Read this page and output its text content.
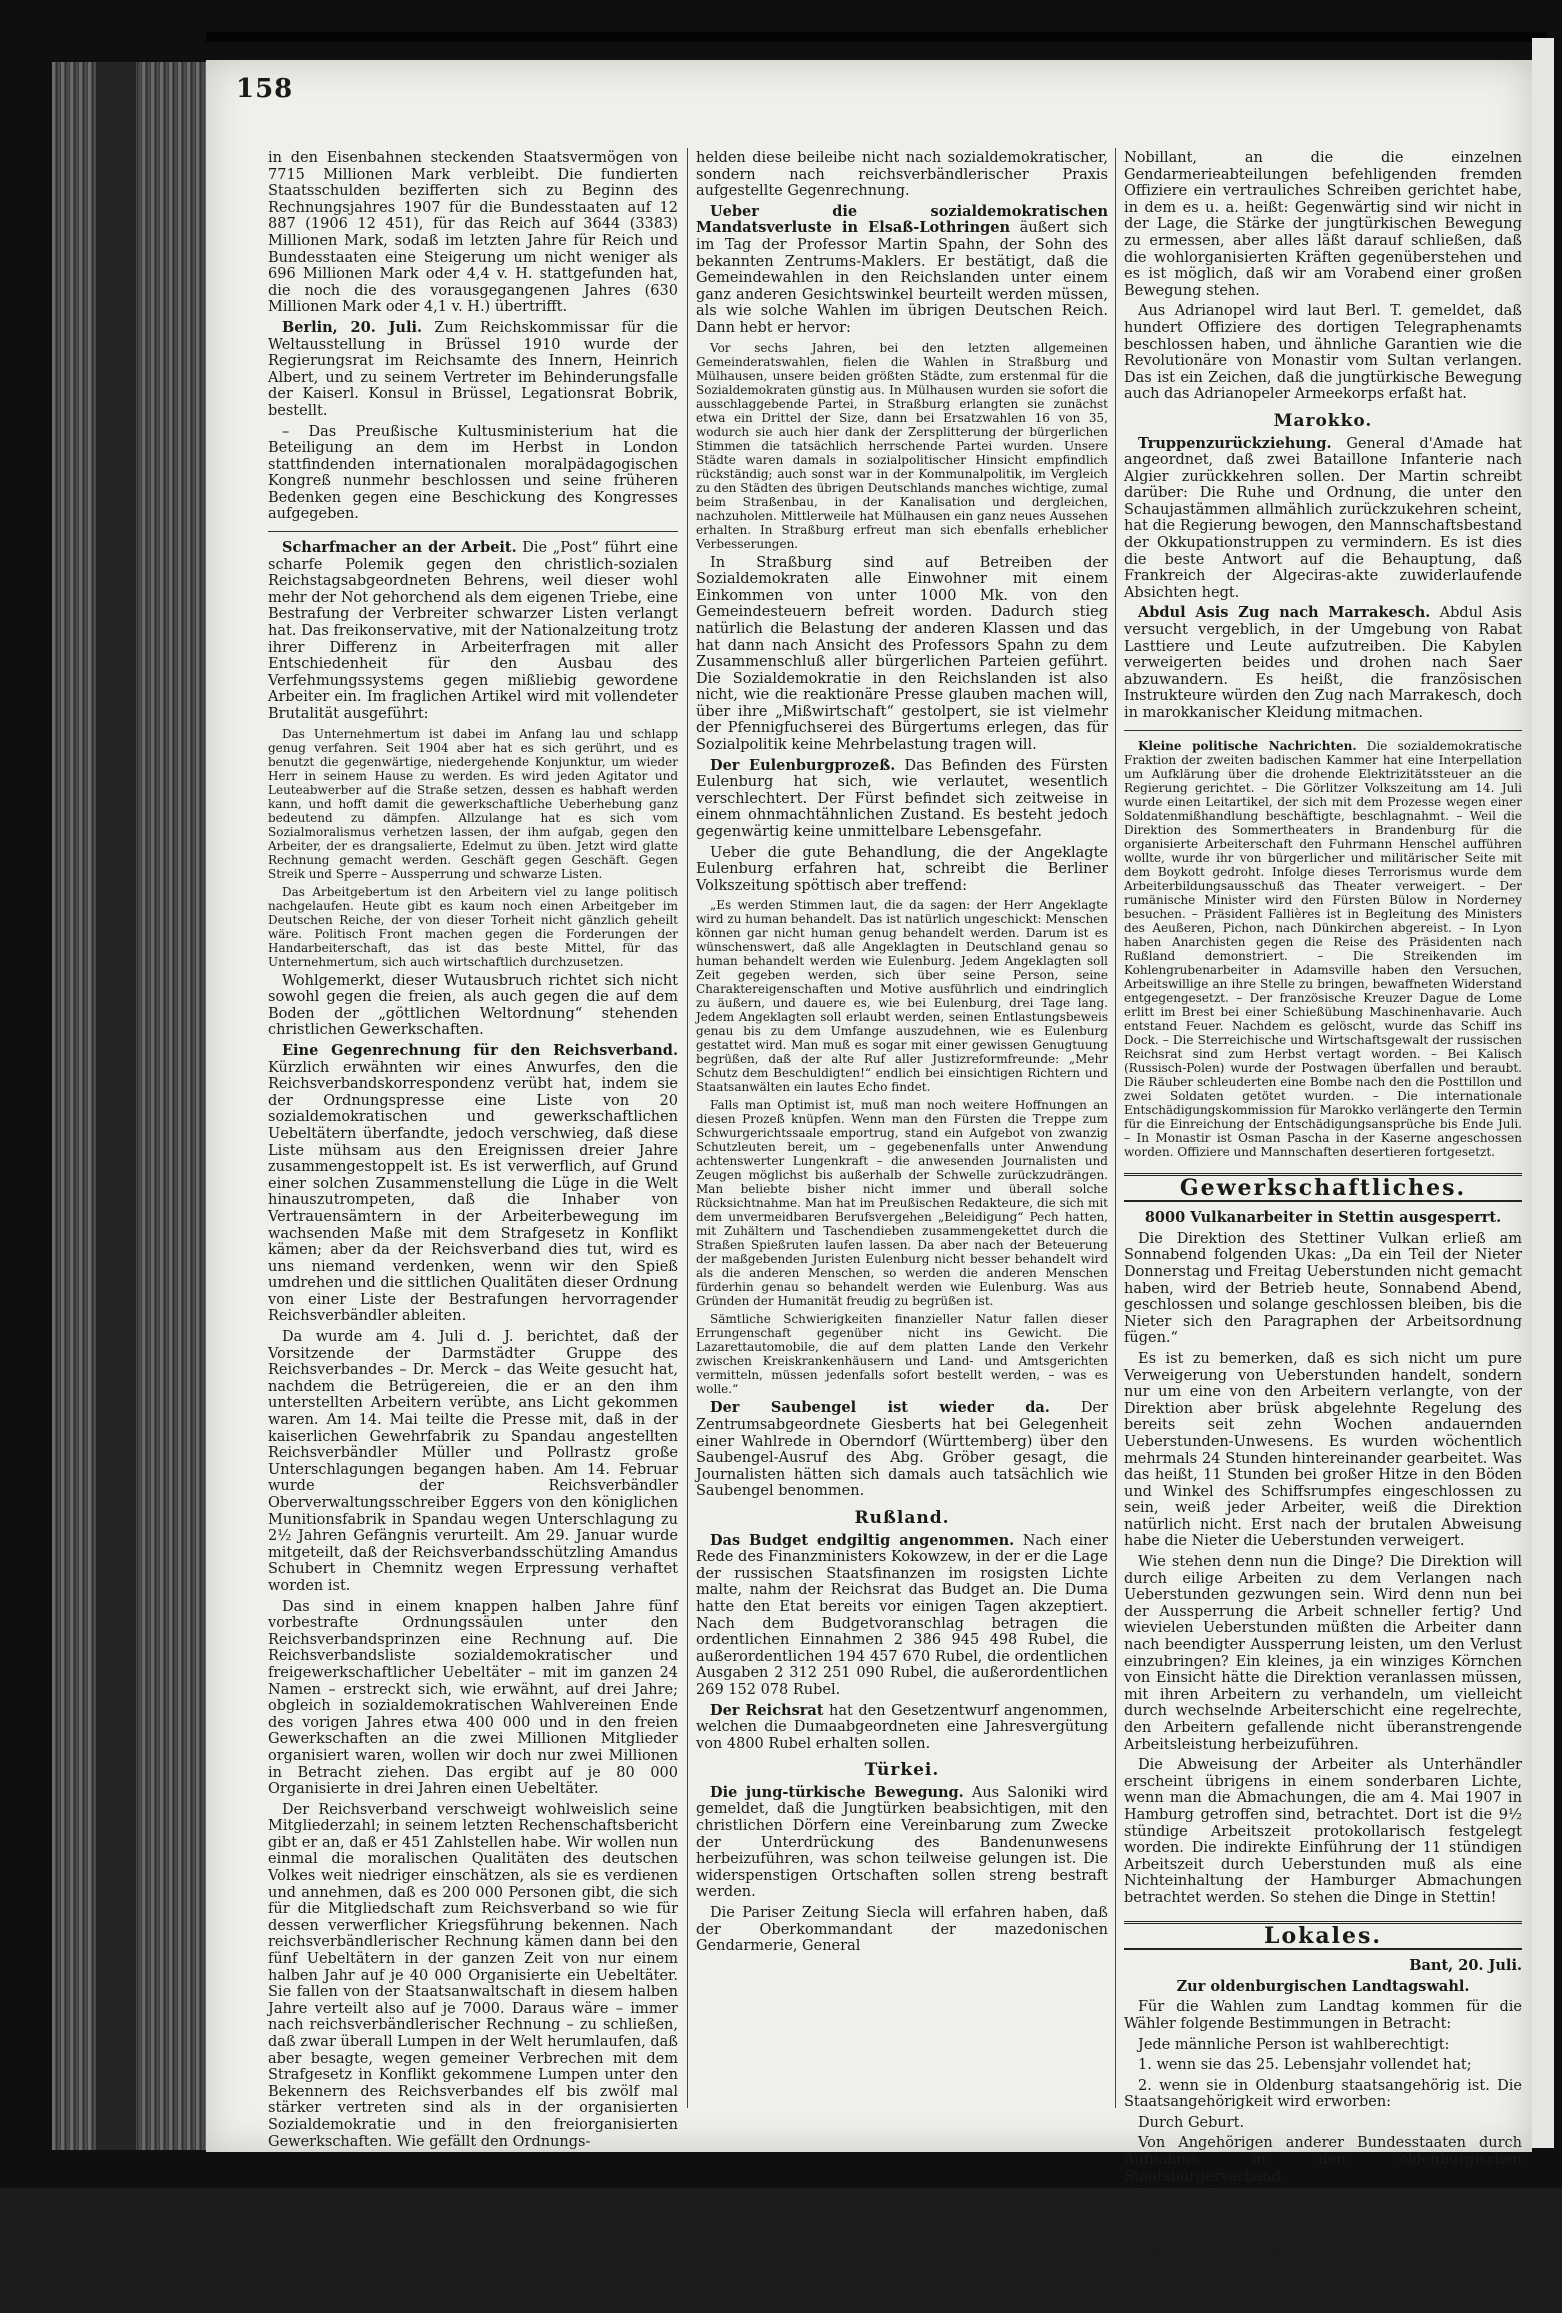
158

in den Eisenbahnen steckenden Staatsvermögen von 7715 Millionen Mark verbleibt. Die fundierten Staatsschulden bezifferten sich zu Beginn des Rechnungsjahres 1907 für die Bundesstaaten auf 12 887 (1906 12 451), für das Reich auf 3644 (3383) Millionen Mark, sodaß im letzten Jahre für Reich und Bundesstaaten eine Steigerung um nicht weniger als 696 Millionen Mark oder 4,4 v. H. stattgefunden hat, die noch die des vorausgegangenen Jahres (630 Millionen Mark oder 4,1 v. H.) übertrifft.

Berlin, 20. Juli. Zum Reichskommissar für die Weltausstellung in Brüssel 1910 wurde der Regierungsrat im Reichsamte des Innern, Heinrich Albert, und zu seinem Vertreter im Behinderungsfalle der Kaiserl. Konsul in Brüssel, Legationsrat Bobrik, bestellt.

– Das Preußische Kultusministerium hat die Beteiligung an dem im Herbst in London stattfindenden internationalen moralpädagogischen Kongreß nunmehr beschlossen und seine früheren Bedenken gegen eine Beschickung des Kongresses aufgegeben.

Scharfmacher an der Arbeit. Die „Post“ führt eine scharfe Polemik gegen den christlich-sozialen Reichstagsabgeordneten Behrens, weil dieser wohl mehr der Not gehorchend als dem eigenen Triebe, eine Bestrafung der Verbreiter schwarzer Listen verlangt hat. Das freikonservative, mit der Nationalzeitung trotz ihrer Differenz in Arbeiterfragen mit aller Entschiedenheit für den Ausbau des Verfehmungssystems gegen mißliebig gewordene Arbeiter ein. Im fraglichen Artikel wird mit vollendeter Brutalität ausgeführt:

Das Unternehmertum ist dabei im Anfang lau und schlapp genug verfahren. Seit 1904 aber hat es sich gerührt, und es benutzt die gegenwärtige, niedergehende Konjunktur, um wieder Herr in seinem Hause zu werden. Es wird jeden Agitator und Leuteabwerber auf die Straße setzen, dessen es habhaft werden kann, und hofft damit die gewerkschaftliche Ueberhebung ganz bedeutend zu dämpfen. Allzulange hat es sich vom Sozialmoralismus verhetzen lassen, der ihm aufgab, gegen den Arbeiter, der es drangsalierte, Edelmut zu üben. Jetzt wird glatte Rechnung gemacht werden. Geschäft gegen Geschäft. Gegen Streik und Sperre – Aussperrung und schwarze Listen.

Das Arbeitgebertum ist den Arbeitern viel zu lange politisch nachgelaufen. Heute gibt es kaum noch einen Arbeitgeber im Deutschen Reiche, der von dieser Torheit nicht gänzlich geheilt wäre. Politisch Front machen gegen die Forderungen der Handarbeiterschaft, das ist das beste Mittel, für das Unternehmertum, sich auch wirtschaftlich durchzusetzen.

Wohlgemerkt, dieser Wutausbruch richtet sich nicht sowohl gegen die freien, als auch gegen die auf dem Boden der „göttlichen Weltordnung“ stehenden christlichen Gewerkschaften.

Eine Gegenrechnung für den Reichsverband. Kürzlich erwähnten wir eines Anwurfes, den die Reichsverbandskorrespondenz verübt hat, indem sie der Ordnungspresse eine Liste von 20 sozialdemokratischen und gewerkschaftlichen Uebeltätern überfandte, jedoch verschwieg, daß diese Liste mühsam aus den Ereignissen dreier Jahre zusammengestoppelt ist. Es ist verwerflich, auf Grund einer solchen Zusammenstellung die Lüge in die Welt hinauszutrompeten, daß die Inhaber von Vertrauensämtern in der Arbeiterbewegung im wachsenden Maße mit dem Strafgesetz in Konflikt kämen; aber da der Reichsverband dies tut, wird es uns niemand verdenken, wenn wir den Spieß umdrehen und die sittlichen Qualitäten dieser Ordnung von einer Liste der Bestrafungen hervorragender Reichsverbändler ableiten.

Da wurde am 4. Juli d. J. berichtet, daß der Vorsitzende der Darmstädter Gruppe des Reichsverbandes – Dr. Merck – das Weite gesucht hat, nachdem die Betrügereien, die er an den ihm unterstellten Arbeitern verübte, ans Licht gekommen waren. Am 14. Mai teilte die Presse mit, daß in der kaiserlichen Gewehrfabrik zu Spandau angestellten Reichsverbändler Müller und Pollrastz große Unterschlagungen begangen haben. Am 14. Februar wurde der Reichsverbändler Oberverwaltungsschreiber Eggers von den königlichen Munitionsfabrik in Spandau wegen Unterschlagung zu 2½ Jahren Gefängnis verurteilt. Am 29. Januar wurde mitgeteilt, daß der Reichsverbandsschützling Amandus Schubert in Chemnitz wegen Erpressung verhaftet worden ist.

Das sind in einem knappen halben Jahre fünf vorbestrafte Ordnungssäulen unter den Reichsverbandsprinzen eine Rechnung auf. Die Reichsverbandsliste sozialdemokratischer und freigewerkschaftlicher Uebeltäter – mit im ganzen 24 Namen – erstreckt sich, wie erwähnt, auf drei Jahre; obgleich in sozialdemokratischen Wahlvereinen Ende des vorigen Jahres etwa 400 000 und in den freien Gewerkschaften an die zwei Millionen Mitglieder organisiert waren, wollen wir doch nur zwei Millionen in Betracht ziehen. Das ergibt auf je 80 000 Organisierte in drei Jahren einen Uebeltäter.

Der Reichsverband verschweigt wohlweislich seine Mitgliederzahl; in seinem letzten Rechenschaftsbericht gibt er an, daß er 451 Zahlstellen habe. Wir wollen nun einmal die moralischen Qualitäten des deutschen Volkes weit niedriger einschätzen, als sie es verdienen und annehmen, daß es 200 000 Personen gibt, die sich für die Mitgliedschaft zum Reichsverband so wie für dessen verwerflicher Kriegsführung bekennen. Nach reichsverbändlerischer Rechnung kämen dann bei den fünf Uebeltätern in der ganzen Zeit von nur einem halben Jahr auf je 40 000 Organisierte ein Uebeltäter. Sie fallen von der Staatsanwaltschaft in diesem halben Jahre verteilt also auf je 7000. Daraus wäre – immer nach reichsverbändlerischer Rechnung – zu schließen, daß zwar überall Lumpen in der Welt herumlaufen, daß aber besagte, wegen gemeiner Verbrechen mit dem Strafgesetz in Konflikt gekommene Lumpen unter den Bekennern des Reichsverbandes elf bis zwölf mal stärker vertreten sind als in der organisierten Sozialdemokratie und in den freiorganisierten Gewerkschaften. Wie gefällt den Ordnungs-

helden diese beileibe nicht nach sozialdemokratischer, sondern nach reichsverbändlerischer Praxis aufgestellte Gegenrechnung.

Ueber die sozialdemokratischen Mandatsverluste in Elsaß-Lothringen äußert sich im Tag der Professor Martin Spahn, der Sohn des bekannten Zentrums-Maklers. Er bestätigt, daß die Gemeindewahlen in den Reichslanden unter einem ganz anderen Gesichtswinkel beurteilt werden müssen, als wie solche Wahlen im übrigen Deutschen Reich. Dann hebt er hervor:

Vor sechs Jahren, bei den letzten allgemeinen Gemeinderatswahlen, fielen die Wahlen in Straßburg und Mülhausen, unsere beiden größten Städte, zum erstenmal für die Sozialdemokraten günstig aus. In Mülhausen wurden sie sofort die ausschlaggebende Partei, in Straßburg erlangten sie zunächst etwa ein Drittel der Size, dann bei Ersatzwahlen 16 von 35, wodurch sie auch hier dank der Zersplitterung der bürgerlichen Stimmen die tatsächlich herrschende Partei wurden. Unsere Städte waren damals in sozialpolitischer Hinsicht empfindlich rückständig; auch sonst war in der Kommunalpolitik, im Vergleich zu den Städten des übrigen Deutschlands manches wichtige, zumal beim Straßenbau, in der Kanalisation und dergleichen, nachzuholen. Mittlerweile hat Mülhausen ein ganz neues Aussehen erhalten. In Straßburg erfreut man sich ebenfalls erheblicher Verbesserungen.

In Straßburg sind auf Betreiben der Sozialdemokraten alle Einwohner mit einem Einkommen von unter 1000 Mk. von den Gemeindesteuern befreit worden. Dadurch stieg natürlich die Belastung der anderen Klassen und das hat dann nach Ansicht des Professors Spahn zu dem Zusammenschluß aller bürgerlichen Parteien geführt. Die Sozialdemokratie in den Reichslanden ist also nicht, wie die reaktionäre Presse glauben machen will, über ihre „Mißwirtschaft“ gestolpert, sie ist vielmehr der Pfennigfuchserei des Bürgertums erlegen, das für Sozialpolitik keine Mehrbelastung tragen will.

Der Eulenburgprozeß. Das Befinden des Fürsten Eulenburg hat sich, wie verlautet, wesentlich verschlechtert. Der Fürst befindet sich zeitweise in einem ohnmachtähnlichen Zustand. Es besteht jedoch gegenwärtig keine unmittelbare Lebensgefahr.

Ueber die gute Behandlung, die der Angeklagte Eulenburg erfahren hat, schreibt die Berliner Volkszeitung spöttisch aber treffend:

„Es werden Stimmen laut, die da sagen: der Herr Angeklagte wird zu human behandelt. Das ist natürlich ungeschickt: Menschen können gar nicht human genug behandelt werden. Darum ist es wünschenswert, daß alle Angeklagten in Deutschland genau so human behandelt werden wie Eulenburg. Jedem Angeklagten soll Zeit gegeben werden, sich über seine Person, seine Charaktereigenschaften und Motive ausführlich und eindringlich zu äußern, und dauere es, wie bei Eulenburg, drei Tage lang. Jedem Angeklagten soll erlaubt werden, seinen Entlastungsbeweis genau bis zu dem Umfange auszudehnen, wie es Eulenburg gestattet wird. Man muß es sogar mit einer gewissen Genugtuung begrüßen, daß der alte Ruf aller Justizreformfreunde: „Mehr Schutz dem Beschuldigten!“ endlich bei einsichtigen Richtern und Staatsanwälten ein lautes Echo findet.

Falls man Optimist ist, muß man noch weitere Hoffnungen an diesen Prozeß knüpfen. Wenn man den Fürsten die Treppe zum Schwurgerichtssaale emportrug, stand ein Aufgebot von zwanzig Schutzleuten bereit, um – gegebenenfalls unter Anwendung achtenswerter Lungenkraft – die anwesenden Journalisten und Zeugen möglichst bis außerhalb der Schwelle zurückzudrängen. Man beliebte bisher nicht immer und überall solche Rücksichtnahme. Man hat im Preußischen Redakteure, die sich mit dem unvermeidbaren Berufsvergehen „Beleidigung“ Pech hatten, mit Zuhältern und Taschendieben zusammengekettet durch die Straßen Spießruten laufen lassen. Da aber nach der Beteuerung der maßgebenden Juristen Eulenburg nicht besser behandelt wird als die anderen Menschen, so werden die anderen Menschen fürderhin genau so behandelt werden wie Eulenburg. Was aus Gründen der Humanität freudig zu begrüßen ist.

Sämtliche Schwierigkeiten finanzieller Natur fallen dieser Errungenschaft gegenüber nicht ins Gewicht. Die Lazarettautomobile, die auf dem platten Lande den Verkehr zwischen Kreiskrankenhäusern und Land- und Amtsgerichten vermitteln, müssen jedenfalls sofort bestellt werden, – was es wolle.“

Der Saubengel ist wieder da. Der Zentrumsabgeordnete Giesberts hat bei Gelegenheit einer Wahlrede in Oberndorf (Württemberg) über den Saubengel-Ausruf des Abg. Gröber gesagt, die Journalisten hätten sich damals auch tatsächlich wie Saubengel benommen.

Rußland.

Das Budget endgiltig angenommen. Nach einer Rede des Finanzministers Kokowzew, in der er die Lage der russischen Staatsfinanzen im rosigsten Lichte malte, nahm der Reichsrat das Budget an. Die Duma hatte den Etat bereits vor einigen Tagen akzeptiert. Nach dem Budgetvoranschlag betragen die ordentlichen Einnahmen 2 386 945 498 Rubel, die außerordentlichen 194 457 670 Rubel, die ordentlichen Ausgaben 2 312 251 090 Rubel, die außerordentlichen 269 152 078 Rubel.

Der Reichsrat hat den Gesetzentwurf angenommen, welchen die Dumaabgeordneten eine Jahresvergütung von 4800 Rubel erhalten sollen.

Türkei.

Die jung-türkische Bewegung. Aus Saloniki wird gemeldet, daß die Jungtürken beabsichtigen, mit den christlichen Dörfern eine Vereinbarung zum Zwecke der Unterdrückung des Bandenunwesens herbeizuführen, was schon teilweise gelungen ist. Die widerspenstigen Ortschaften sollen streng bestraft werden.

Die Pariser Zeitung Siecla will erfahren haben, daß der Oberkommandant der mazedonischen Gendarmerie, General

Nobillant, an die die einzelnen Gendarmerieabteilungen befehligenden fremden Offiziere ein vertrauliches Schreiben gerichtet habe, in dem es u. a. heißt: Gegenwärtig sind wir nicht in der Lage, die Stärke der jungtürkischen Bewegung zu ermessen, aber alles läßt darauf schließen, daß die wohlorganisierten Kräften gegenüberstehen und es ist möglich, daß wir am Vorabend einer großen Bewegung stehen.

Aus Adrianopel wird laut Berl. T. gemeldet, daß hundert Offiziere des dortigen Telegraphenamts beschlossen haben, und ähnliche Garantien wie die Revolutionäre von Monastir vom Sultan verlangen. Das ist ein Zeichen, daß die jungtürkische Bewegung auch das Adrianopeler Armeekorps erfaßt hat.

Marokko.

Truppenzurückziehung. General d'Amade hat angeordnet, daß zwei Bataillone Infanterie nach Algier zurückkehren sollen. Der Martin schreibt darüber: Die Ruhe und Ordnung, die unter den Schaujastämmen allmählich zurückzukehren scheint, hat die Regierung bewogen, den Mannschaftsbestand der Okkupationstruppen zu vermindern. Es ist dies die beste Antwort auf die Behauptung, daß Frankreich der Algeciras-akte zuwiderlaufende Absichten hegt.

Abdul Asis Zug nach Marrakesch. Abdul Asis versucht vergeblich, in der Umgebung von Rabat Lasttiere und Leute aufzutreiben. Die Kabylen verweigerten beides und drohen nach Saer abzuwandern. Es heißt, die französischen Instrukteure würden den Zug nach Marrakesch, doch in marokkanischer Kleidung mitmachen.

Kleine politische Nachrichten. Die sozialdemokratische Fraktion der zweiten badischen Kammer hat eine Interpellation um Aufklärung über die drohende Elektrizitätssteuer an die Regierung gerichtet. – Die Görlitzer Volkszeitung am 14. Juli wurde einen Leitartikel, der sich mit dem Prozesse wegen einer Soldatenmißhandlung beschäftigte, beschlagnahmt. – Weil die Direktion des Sommertheaters in Brandenburg für die organisierte Arbeiterschaft den Fuhrmann Henschel aufführen wollte, wurde ihr von bürgerlicher und militärischer Seite mit dem Boykott gedroht. Infolge dieses Terrorismus wurde dem Arbeiterbildungsausschuß das Theater verweigert. – Der rumänische Minister wird den Fürsten Bülow in Norderney besuchen. – Präsident Fallières ist in Begleitung des Ministers des Aeußeren, Pichon, nach Dünkirchen abgereist. – In Lyon haben Anarchisten gegen die Reise des Präsidenten nach Rußland demonstriert. – Die Streikenden im Kohlengrubenarbeiter in Adamsville haben den Versuchen, Arbeitswillige an ihre Stelle zu bringen, bewaffneten Widerstand entgegengesetzt. – Der französische Kreuzer Dague de Lome erlitt im Brest bei einer Schießübung Maschinenhavarie. Auch entstand Feuer. Nachdem es gelöscht, wurde das Schiff ins Dock. – Die Sterreichische und Wirtschaftsgewalt der russischen Reichsrat sind zum Herbst vertagt worden. – Bei Kalisch (Russisch-Polen) wurde der Postwagen überfallen und beraubt. Die Räuber schleuderten eine Bombe nach den die Posttillon und zwei Soldaten getötet wurden. – Die internationale Entschädigungskommission für Marokko verlängerte den Termin für die Einreichung der Entschädigungsansprüche bis Ende Juli. – In Monastir ist Osman Pascha in der Kaserne angeschossen worden. Offiziere und Mannschaften desertieren fortgesetzt.

Gewerkschaftliches.

8000 Vulkanarbeiter in Stettin ausgesperrt.

Die Direktion des Stettiner Vulkan erließ am Sonnabend folgenden Ukas: „Da ein Teil der Nieter Donnerstag und Freitag Ueberstunden nicht gemacht haben, wird der Betrieb heute, Sonnabend Abend, geschlossen und solange geschlossen bleiben, bis die Nieter sich den Paragraphen der Arbeitsordnung fügen.“

Es ist zu bemerken, daß es sich nicht um pure Verweigerung von Ueberstunden handelt, sondern nur um eine von den Arbeitern verlangte, von der Direktion aber brüsk abgelehnte Regelung des bereits seit zehn Wochen andauernden Ueberstunden-Unwesens. Es wurden wöchentlich mehrmals 24 Stunden hintereinander gearbeitet. Was das heißt, 11 Stunden bei großer Hitze in den Böden und Winkel des Schiffsrumpfes eingeschlossen zu sein, weiß jeder Arbeiter, weiß die Direktion natürlich nicht. Erst nach der brutalen Abweisung habe die Nieter die Ueberstunden verweigert.

Wie stehen denn nun die Dinge? Die Direktion will durch eilige Arbeiten zu dem Verlangen nach Ueberstunden gezwungen sein. Wird denn nun bei der Aussperrung die Arbeit schneller fertig? Und wievielen Ueberstunden müßten die Arbeiter dann nach beendigter Aussperrung leisten, um den Verlust einzubringen? Ein kleines, ja ein winziges Körnchen von Einsicht hätte die Direktion veranlassen müssen, mit ihren Arbeitern zu verhandeln, um vielleicht durch wechselnde Arbeiterschicht eine regelrechte, den Arbeitern gefallende nicht überanstrengende Arbeitsleistung herbeizuführen.

Die Abweisung der Arbeiter als Unterhändler erscheint übrigens in einem sonderbaren Lichte, wenn man die Abmachungen, die am 4. Mai 1907 in Hamburg getroffen sind, betrachtet. Dort ist die 9½ stündige Arbeitszeit protokollarisch festgelegt worden. Die indirekte Einführung der 11 stündigen Arbeitszeit durch Ueberstunden muß als eine Nichteinhaltung der Hamburger Abmachungen betrachtet werden. So stehen die Dinge in Stettin!

Lokales.

Bant, 20. Juli.

Zur oldenburgischen Landtagswahl.

Für die Wahlen zum Landtag kommen für die Wähler folgende Bestimmungen in Betracht:

Jede männliche Person ist wahlberechtigt:

1. wenn sie das 25. Lebensjahr vollendet hat;

2. wenn sie in Oldenburg staatsangehörig ist. Die Staatsangehörigkeit wird erworben:

Durch Geburt.

Von Angehörigen anderer Bundesstaaten durch Aufnahme in den oldenburgischen Staatsbürgerverband.

Durch Eintritt in den unmittelbaren oder mittelbaren Staats- oder Kirchendienst.

Reichsausländer können Angehörige des Staates werden durch „Naturalisation“.

Die wichtigste Möglichkeit, in Oldenburg staatsangehörig zu werden, ist aber diejenige der Aufnahme.
